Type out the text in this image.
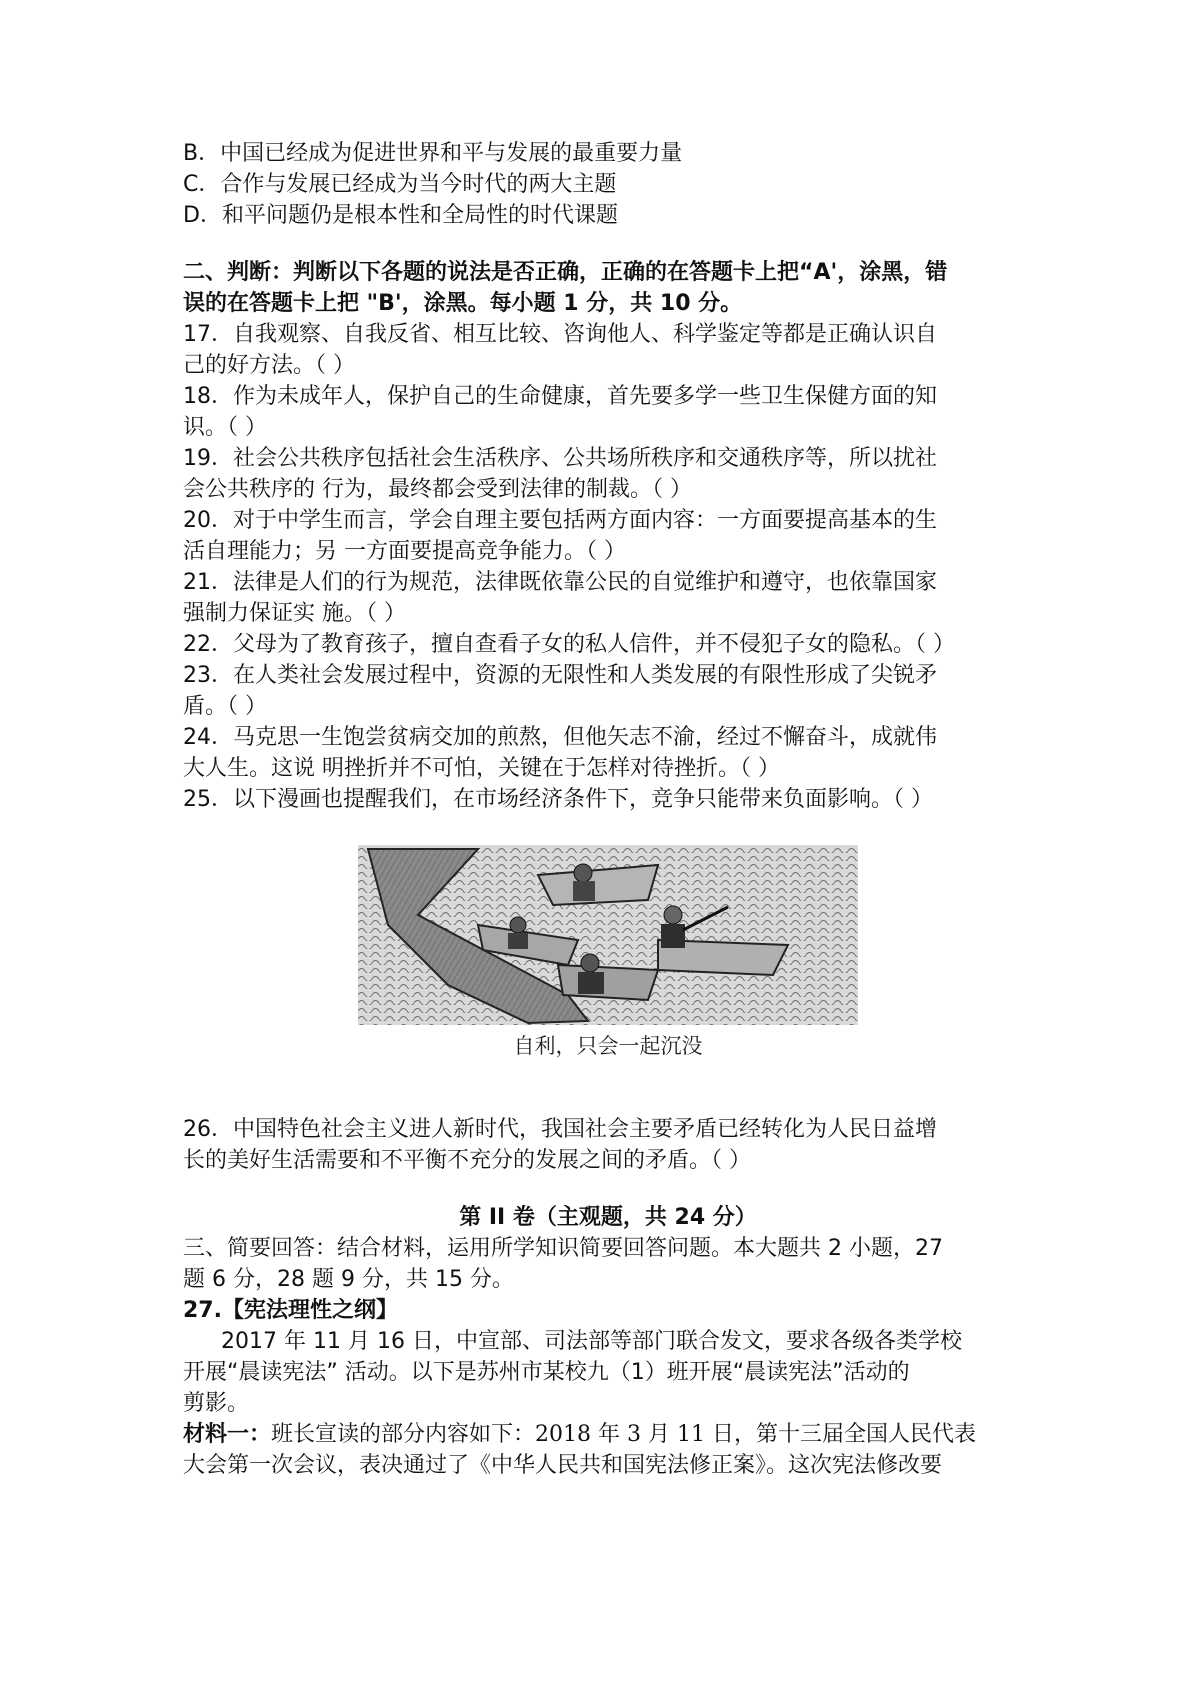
B．中国已经成为促进世界和平与发展的最重要力量
C．合作与发展已经成为当今时代的两大主题
D．和平问题仍是根本性和全局性的时代课题
二、判断：判断以下各题的说法是否正确，正确的在答题卡上把“A'，涂黑，错
误的在答题卡上把 "B'，涂黑。每小题 1 分，共 10 分。
17．自我观察、自我反省、相互比较、咨询他人、科学鉴定等都是正确认识自
己的好方法。（ ）
18．作为未成年人，保护自己的生命健康，首先要多学一些卫生保健方面的知
识。（ ）
19．社会公共秩序包括社会生活秩序、公共场所秩序和交通秩序等，所以扰社
会公共秩序的 行为，最终都会受到法律的制裁。（ ）
20．对于中学生而言，学会自理主要包括两方面内容：一方面要提高基本的生
活自理能力；另 一方面要提高竞争能力。（ ）
21．法律是人们的行为规范，法律既依靠公民的自觉维护和遵守，也依靠国家
强制力保证实 施。（ ）
22．父母为了教育孩子，擅自查看子女的私人信件，并不侵犯子女的隐私。（ ）
23．在人类社会发展过程中，资源的无限性和人类发展的有限性形成了尖锐矛
盾。（ ）
24．马克思一生饱尝贫病交加的煎熬，但他矢志不渝，经过不懈奋斗，成就伟
大人生。这说 明挫折并不可怕，关键在于怎样对待挫折。（ ）
25．以下漫画也提醒我们，在市场经济条件下，竞争只能带来负面影响。（ ）
自利，只会一起沉没
26．中国特色社会主义进人新时代，我国社会主要矛盾已经转化为人民日益增
长的美好生活需要和不平衡不充分的发展之间的矛盾。（ ）
第 II 卷（主观题，共 24 分）
三、简要回答：结合材料，运用所学知识简要回答问题。本大题共 2 小题，27
题 6 分，28 题 9 分，共 15 分。
27.【宪法理性之纲】
2017 年 11 月 16 日，中宣部、司法部等部门联合发文，要求各级各类学校
开展“晨读宪法” 活动。以下是苏州市某校九（1）班开展“晨读宪法”活动的
剪影。
材料一：班长宣读的部分内容如下：2018 年 3 月 11 日，第十三届全国人民代表
大会第一次会议，表决通过了《中华人民共和国宪法修正案》。这次宪法修改要
